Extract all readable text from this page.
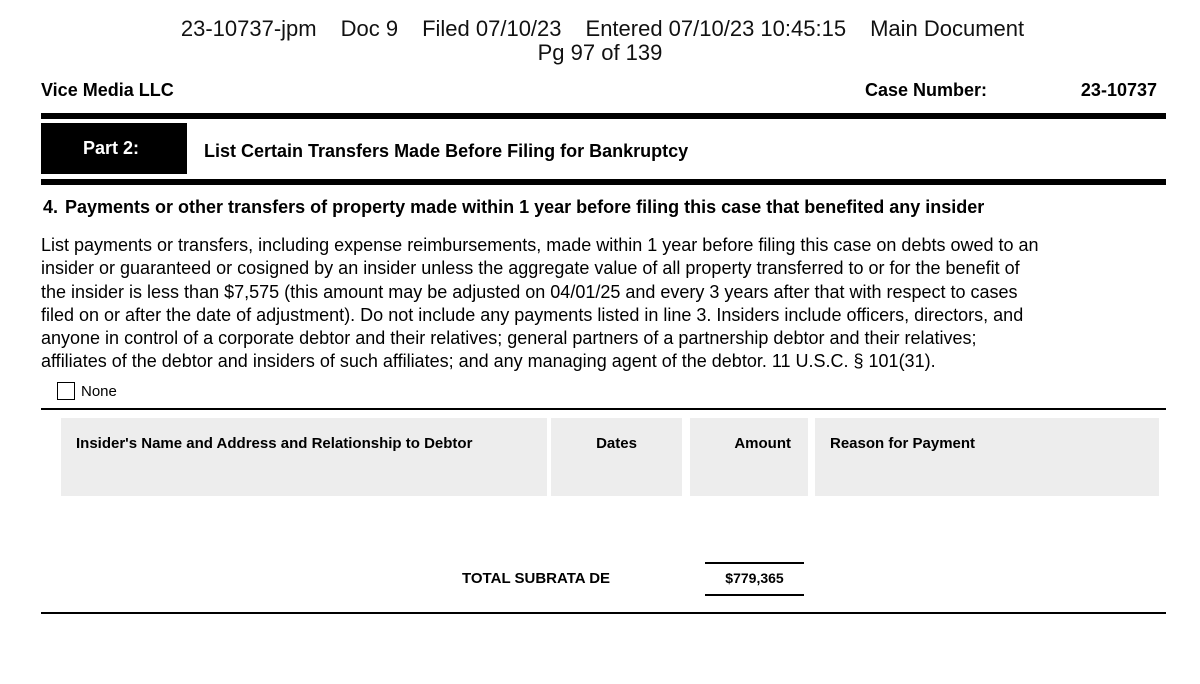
23-10737-jpm Doc 9 Filed 07/10/23 Entered 07/10/23 10:45:15 Main Document
Pg 97 of 139
Vice Media LLC	Case Number:	23-10737
Part 2:	List Certain Transfers Made Before Filing for Bankruptcy
4. Payments or other transfers of property made within 1 year before filing this case that benefited any insider
List payments or transfers, including expense reimbursements, made within 1 year before filing this case on debts owed to an
insider or guaranteed or cosigned by an insider unless the aggregate value of all property transferred to or for the benefit of
the insider is less than $7,575 (this amount may be adjusted on 04/01/25 and every 3 years after that with respect to cases
filed on or after the date of adjustment). Do not include any payments listed in line 3. Insiders include officers, directors, and
anyone in control of a corporate debtor and their relatives; general partners of a partnership debtor and their relatives;
affiliates of the debtor and insiders of such affiliates; and any managing agent of the debtor. 11 U.S.C. § 101(31).
None
Insider's Name and Address and Relationship to Debtor	Dates	Amount	Reason for Payment
TOTAL SUBRATA DE	$779,365
